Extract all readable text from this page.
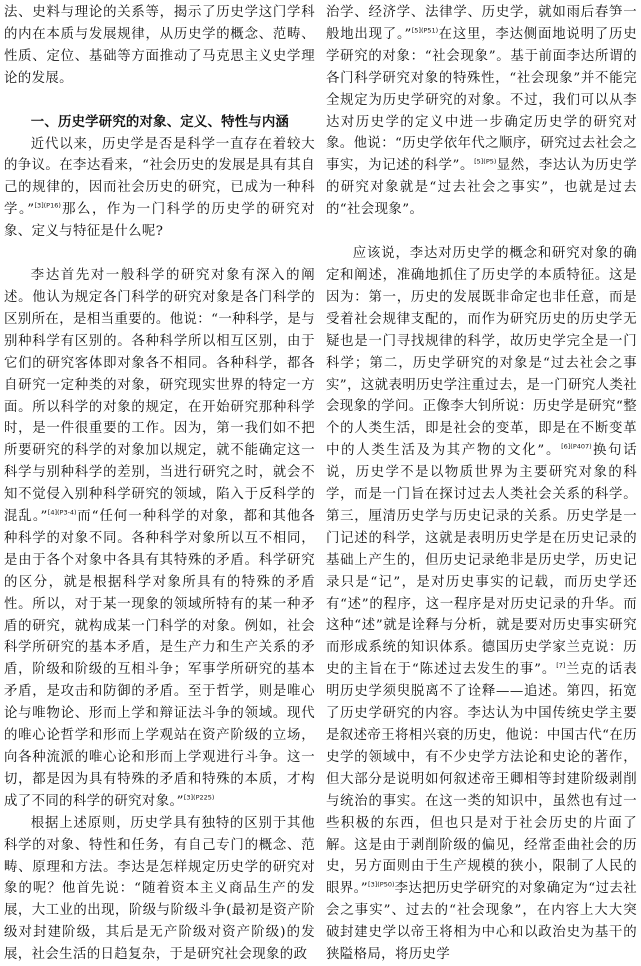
法、史料与理论的关系等，揭示了历史学这门学科的内在本质与发展规律，从历史学的概念、范畴、性质、定位、基础等方面推动了马克思主义史学理论的发展。

一、历史学研究的对象、定义、特性与内涵

近代以来，历史学是否是科学一直存在着较大的争议。在李达看来，“社会历史的发展是具有其自己的规律的，因而社会历史的研究，已成为一种科学。”$^{[3](P16)}$那么，作为一门科学的历史学的研究对象、定义与特征是什么呢?

李达首先对一般科学的研究对象有深入的阐述。他认为规定各门科学的研究对象是各门科学的区别所在，是相当重要的。他说：“一种科学，是与别种科学有区别的。各种科学所以相互区别，由于它们的研究客体即对象各不相同。各种科学，都各自研究一定种类的对象，研究现实世界的特定一方面。所以科学的对象的规定，在开始研究那种科学时，是一件很重要的工作。因为，第一我们如不把所要研究的科学的对象加以规定，就不能确定这一科学与别种科学的差别，当进行研究之时，就会不知不觉侵入别种科学研究的领域，陷入于反科学的混乱。”$^{[4](P3-4)}$而“任何一种科学的对象，都和其他各种科学的对象不同。各种科学对象所以互不相同，是由于各个对象中各具有其特殊的矛盾。科学研究的区分，就是根据科学对象所具有的特殊的矛盾性。所以，对于某一现象的领域所特有的某一种矛盾的研究，就构成某一门科学的对象。例如，社会科学所研究的基本矛盾，是生产力和生产关系的矛盾，阶级和阶级的互相斗争；军事学所研究的基本矛盾，是攻击和防御的矛盾。至于哲学，则是唯心论与唯物论、形而上学和辩证法斗争的领域。现代的唯心论哲学和形而上学观站在资产阶级的立场，向各种流派的唯心论和形而上学观进行斗争。这一切，都是因为具有特殊的矛盾和特殊的本质，才构成了不同的科学的研究对象。”$^{[3](P225)}$

根据上述原则，历史学具有独特的区别于其他科学的对象、特性和任务，有自己专门的概念、范畴、原理和方法。李达是怎样规定历史学的研究对象的呢？他首先说：“随着资本主义商品生产的发展，大工业的出现，阶级与阶级斗争(最初是资产阶级对封建阶级，其后是无产阶级对资产阶级)的发展，社会生活的日趋复杂，于是研究社会现象的政

治学、经济学、法律学、历史学，就如雨后春笋一般地出现了。”$^{[5](P51)}$在这里，李达侧面地说明了历史学研究的对象：“社会现象”。基于前面李达所谓的各门科学研究对象的特殊性，“社会现象”并不能完全规定为历史学研究的对象。不过，我们可以从李达对历史学的定义中进一步确定历史学的研究对象。他说：“历史学依年代之顺序，研究过去社会之事实，为记述的科学”。$^{[5](P5)}$显然，李达认为历史学的研究对象就是“过去社会之事实”，也就是过去的“社会现象”。

应该说，李达对历史学的概念和研究对象的确定和阐述，准确地抓住了历史学的本质特征。这是因为：第一，历史的发展既非命定也非任意，而是受着社会规律支配的，而作为研究历史的历史学无疑也是一门寻找规律的科学，故历史学完全是一门科学；第二，历史学研究的对象是“过去社会之事实”，这就表明历史学注重过去，是一门研究人类社会现象的学问。正像李大钊所说：历史学是研究“整个的人类生活，即是社会的变革，即是在不断变革中的人类生活及为其产物的文化”。$^{[6](P407)}$换句话说，历史学不是以物质世界为主要研究对象的科学，而是一门旨在探讨过去人类社会关系的科学。第三，厘清历史学与历史记录的关系。历史学是一门记述的科学，这就是表明历史学是在历史记录的基础上产生的，但历史记录绝非是历史学，历史记录只是“记”，是对历史事实的记载，而历史学还有“述”的程序，这一程序是对历史记录的升华。而这种“述”就是诠释与分析，就是要对历史事实研究而形成系统的知识体系。德国历史学家兰克说：历史的主旨在于“陈述过去发生的事”。[7]兰克的话表明历史学须臾脱离不了诠释——追述。第四，拓宽了历史学研究的内容。李达认为中国传统史学主要是叙述帝王将相兴衰的历史，他说：中国古代“在历史学的领域中，有不少史学方法论和史论的著作，但大部分是说明如何叙述帝王卿相等封建阶级剥削与统治的事实。在这一类的知识中，虽然也有过一些积极的东西，但也只是对于社会历史的片面了解。这是由于剥削阶级的偏见，经常歪曲社会的历史，另方面则由于生产规模的狭小，限制了人民的眼界。”$^{[3](P50)}$李达把历史学研究的对象确定为“过去社会之事实”、过去的“社会现象”，在内容上大大突破封建史学以帝王将相为中心和以政治史为基干的狭隘格局，将历史学
